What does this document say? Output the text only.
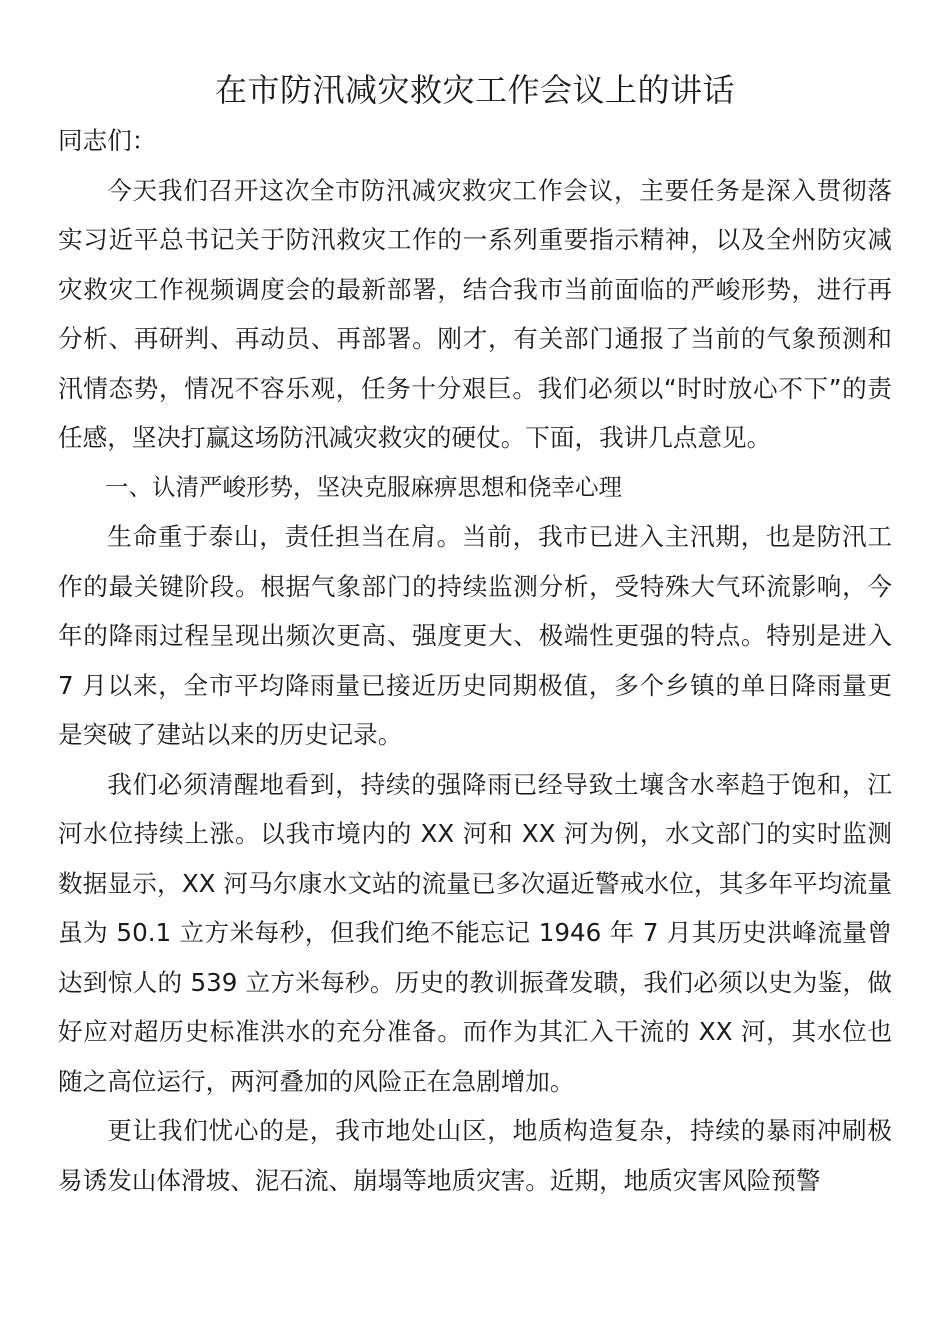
在市防汛减灾救灾工作会议上的讲话

同志们：

今天我们召开这次全市防汛减灾救灾工作会议，主要任务是深入贯彻落实习近平总书记关于防汛救灾工作的一系列重要指示精神，以及全州防灾减灾救灾工作视频调度会的最新部署，结合我市当前面临的严峻形势，进行再分析、再研判、再动员、再部署。刚才，有关部门通报了当前的气象预测和汛情态势，情况不容乐观，任务十分艰巨。我们必须以“时时放心不下”的责任感，坚决打赢这场防汛减灾救灾的硬仗。下面，我讲几点意见。

一、认清严峻形势，坚决克服麻痹思想和侥幸心理

生命重于泰山，责任担当在肩。当前，我市已进入主汛期，也是防汛工作的最关键阶段。根据气象部门的持续监测分析，受特殊大气环流影响，今年的降雨过程呈现出频次更高、强度更大、极端性更强的特点。特别是进入 7 月以来，全市平均降雨量已接近历史同期极值，多个乡镇的单日降雨量更是突破了建站以来的历史记录。

我们必须清醒地看到，持续的强降雨已经导致土壤含水率趋于饱和，江河水位持续上涨。以我市境内的 XX 河和 XX 河为例，水文部门的实时监测数据显示，XX 河马尔康水文站的流量已多次逼近警戒水位，其多年平均流量虽为 50.1 立方米每秒，但我们绝不能忘记 1946 年 7 月其历史洪峰流量曾达到惊人的 539 立方米每秒。历史的教训振聋发聩，我们必须以史为鉴，做好应对超历史标准洪水的充分准备。而作为其汇入干流的 XX 河，其水位也随之高位运行，两河叠加的风险正在急剧增加。

更让我们忧心的是，我市地处山区，地质构造复杂，持续的暴雨冲刷极易诱发山体滑坡、泥石流、崩塌等地质灾害。近期，地质灾害风险预警
